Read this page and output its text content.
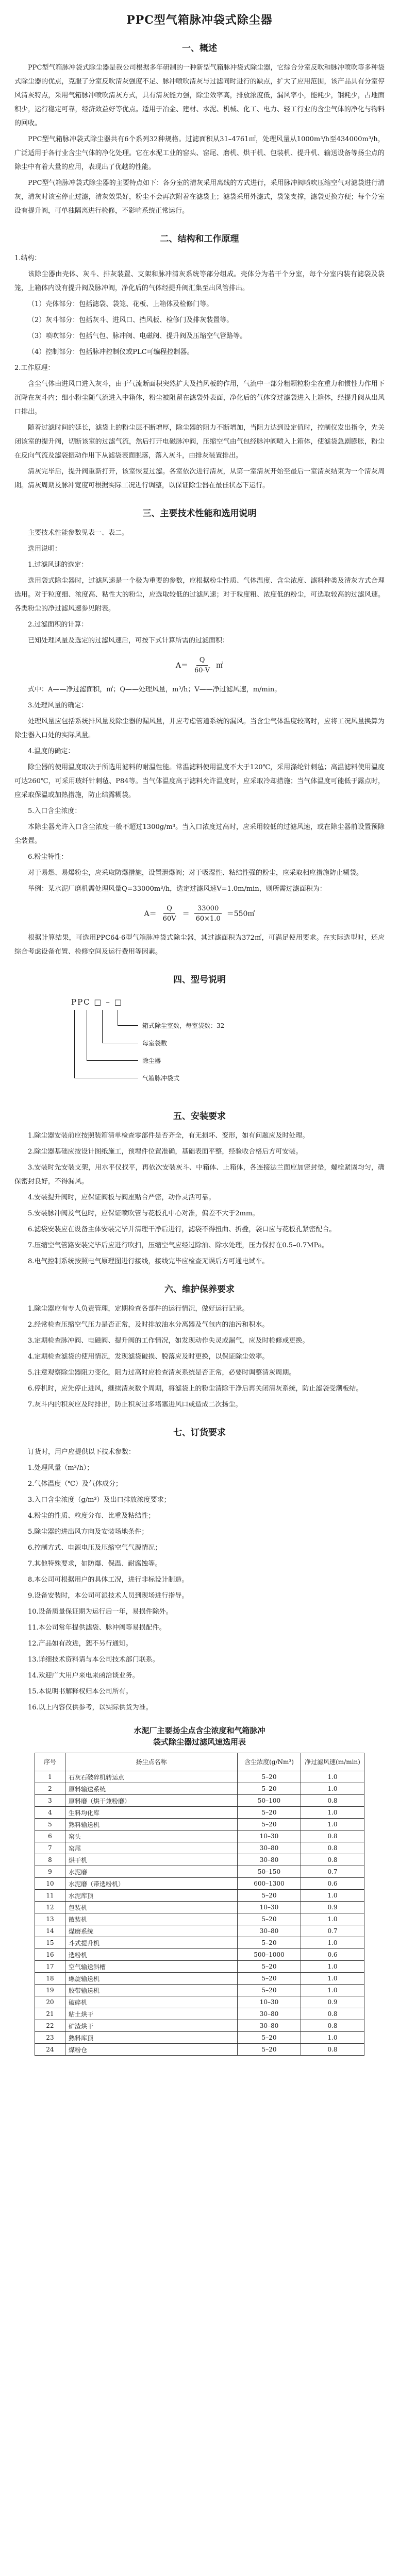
PPC型气箱脉冲袋式除尘器
一、概述

PPC型气箱脉冲袋式除尘器是我公司根据多年研制的一种新型气箱脉冲袋式除尘器，它综合分室反吹和脉冲喷吹等多种袋式除尘器的优点，克服了分室反吹清灰强度不足、脉冲喷吹清灰与过滤同时进行的缺点，扩大了应用范围，该产品具有分室停风清灰特点，采用气箱脉冲喷吹清灰方式，具有清灰能力强，除尘效率高，排放浓度低，漏风率小，能耗少，钢耗少，占地面积少，运行稳定可靠，经济效益好等优点。适用于冶金、建材、水泥、机械、化工、电力、轻工行业的含尘气体的净化与物料的回收。

PPC型气箱脉冲袋式除尘器共有6个系列32种规格。过滤面积从31–4761㎡，处理风量从1000m³/h至434000m³/h，广泛适用于各行业含尘气体的净化处理。它在水泥工业的窑头、窑尾、磨机、烘干机、包装机、提升机、输送设备等扬尘点的除尘中有着大量的应用，表现出了优越的性能。

PPC型气箱脉冲袋式除尘器的主要特点如下：各分室的清灰采用离线的方式进行，采用脉冲阀喷吹压缩空气对滤袋进行清灰，清灰时该室停止过滤，清灰效果好，粉尘不会再次附着在滤袋上；滤袋采用外滤式，袋笼支撑，滤袋更换方便；每个分室设有提升阀，可单独隔离进行检修，不影响系统正常运行。

二、结构和工作原理

1.结构：

该除尘器由壳体、灰斗、排灰装置、支架和脉冲清灰系统等部分组成。壳体分为若干个分室，每个分室内装有滤袋及袋笼，上箱体内设有提升阀及脉冲阀，净化后的气体经提升阀汇集至出风管排出。

（1）壳体部分：包括滤袋、袋笼、花板、上箱体及检修门等。

（2）灰斗部分：包括灰斗、进风口、挡风板、检修门及排灰装置等。

（3）喷吹部分：包括气包、脉冲阀、电磁阀、提升阀及压缩空气管路等。

（4）控制部分：包括脉冲控制仪或PLC可编程控制器。

2.工作原理：

含尘气体由进风口进入灰斗，由于气流断面积突然扩大及挡风板的作用，气流中一部分粗颗粒粉尘在重力和惯性力作用下沉降在灰斗内；细小粉尘随气流进入中箱体，粉尘被阻留在滤袋外表面，净化后的气体穿过滤袋进入上箱体，经提升阀从出风口排出。

随着过滤时间的延长，滤袋上的粉尘层不断增厚，除尘器的阻力不断增加，当阻力达到设定值时，控制仪发出指令，先关闭该室的提升阀，切断该室的过滤气流，然后打开电磁脉冲阀，压缩空气由气包经脉冲阀喷入上箱体，使滤袋急剧膨胀，粉尘在反向气流及滤袋振动作用下从滤袋表面脱落，落入灰斗，由排灰装置排出。

清灰完毕后，提升阀重新打开，该室恢复过滤。各室依次进行清灰，从第一室清灰开始至最后一室清灰结束为一个清灰周期。清灰周期及脉冲宽度可根据实际工况进行调整，以保证除尘器在最佳状态下运行。

三、主要技术性能和选用说明

主要技术性能参数见表一、表二。

选用说明：

1.过滤风速的选定：

选用袋式除尘器时，过滤风速是一个极为重要的参数，应根据粉尘性质、气体温度、含尘浓度、滤料种类及清灰方式合理选用。对于粒度细、浓度高、粘性大的粉尘，应选取较低的过滤风速；对于粒度粗、浓度低的粉尘，可选取较高的过滤风速。各类粉尘的净过滤风速参见附表。

2.过滤面积的计算：

已知处理风量及选定的过滤风速后，可按下式计算所需的过滤面积：

$A= \frac{Q}{60\cdot V}$ ㎡

式中：A——净过滤面积，㎡；Q——处理风量，m³/h；V——净过滤风速，m/min。

3.处理风量的确定：

处理风量应包括系统排风量及除尘器的漏风量，并应考虑管道系统的漏风。当含尘气体温度较高时，应将工况风量换算为除尘器入口处的实际风量。

4.温度的确定：

除尘器的使用温度取决于所选用滤料的耐温性能。常温滤料使用温度不大于120℃，采用涤纶针刺毡；高温滤料使用温度可达260℃，可采用玻纤针刺毡、P84等。当气体温度高于滤料允许温度时，应采取冷却措施；当气体温度可能低于露点时，应采取保温或加热措施，防止结露糊袋。

5.入口含尘浓度：

本除尘器允许入口含尘浓度一般不超过1300g/m³。当入口浓度过高时，应采用较低的过滤风速，或在除尘器前设置预除尘装置。

6.粉尘特性：

对于易燃、易爆粉尘，应采取防爆措施，设置泄爆阀；对于吸湿性、粘结性强的粉尘，应采取相应措施防止糊袋。

举例：某水泥厂磨机需处理风量Q=33000m³/h，选定过滤风速V=1.0m/min，则所需过滤面积为：

$A= \frac{Q}{60V} = \frac{33000}{60\times 1.0}$ ＝550㎡

根据计算结果，可选用PPC64-6型气箱脉冲袋式除尘器，其过滤面积为372㎡，可满足使用要求。在实际选型时，还应综合考虑设备布置、检修空间及运行费用等因素。

四、型号说明
PPC □ – □
箱式除尘室数，每室袋数：32
每室袋数
除尘器
气箱脉冲袋式
五、安装要求

1.除尘器安装前应按照装箱清单检查零部件是否齐全，有无损坏、变形，如有问题应及时处理。

2.除尘器基础应按设计图纸施工，预埋件位置准确，基础表面平整，经验收合格后方可安装。

3.安装时先安装支架，用水平仪找平，再依次安装灰斗、中箱体、上箱体，各连接法兰面应加密封垫，螺栓紧固均匀，确保密封良好，不得漏风。

4.安装提升阀时，应保证阀板与阀座贴合严密，动作灵活可靠。

5.安装脉冲阀及气包时，应保证喷吹管与花板孔中心对准，偏差不大于2mm。

6.滤袋安装应在设备主体安装完毕并清理干净后进行，滤袋不得扭曲、折叠，袋口应与花板孔紧密配合。

7.压缩空气管路安装完毕后应进行吹扫，压缩空气应经过除油、除水处理，压力保持在0.5–0.7MPa。

8.电气控制系统按照电气原理图进行接线，接线完毕应检查无误后方可通电试车。

六、维护保养要求

1.除尘器应有专人负责管理，定期检查各部件的运行情况，做好运行记录。

2.经常检查压缩空气压力是否正常，及时排放油水分离器及气包内的油污和积水。

3.定期检查脉冲阀、电磁阀、提升阀的工作情况，如发现动作失灵或漏气，应及时检修或更换。

4.定期检查滤袋的使用情况，发现滤袋破损、脱落应及时更换，以保证除尘效率。

5.注意观察除尘器阻力变化，阻力过高时应检查清灰系统是否正常，必要时调整清灰周期。

6.停机时，应先停止进风，继续清灰数个周期，将滤袋上的粉尘清除干净后再关闭清灰系统，防止滤袋受潮板结。

7.灰斗内的积灰应及时排出，防止积灰过多堵塞进风口或造成二次扬尘。

七、订货要求

订货时，用户应提供以下技术参数：

1.处理风量（m³/h）；

2.气体温度（℃）及气体成分；

3.入口含尘浓度（g/m³）及出口排放浓度要求；

4.粉尘的性质、粒度分布、比重及粘结性；

5.除尘器的进出风方向及安装场地条件；

6.控制方式、电源电压及压缩空气气源情况；

7.其他特殊要求，如防爆、保温、耐腐蚀等。

8.本公司可根据用户的具体工况，进行非标设计制造。

9.设备安装时，本公司可派技术人员到现场进行指导。

10.设备质量保证期为运行后一年，易损件除外。

11.本公司常年提供滤袋、脉冲阀等易损配件。

12.产品如有改进，恕不另行通知。

13.详细技术资料请与本公司技术部门联系。

14.欢迎广大用户来电来函洽谈业务。

15.本说明书解释权归本公司所有。

16.以上内容仅供参考，以实际供货为准。

水泥厂主要扬尘点含尘浓度和气箱脉冲
袋式除尘器过滤风速选用表
序号	扬尘点名称	含尘浓度(g/Nm³)	净过滤风速(m/min)
1	石灰石破碎机转运点	5–20	1.0
2	原料输送系统	5–20	1.0
3	原料磨（烘干兼粉磨）	50–100	0.8
4	生料均化库	5–20	1.0
5	熟料输送机	5–20	1.0
6	窑头	10–30	0.8
7	窑尾	30–80	0.8
8	烘干机	30–80	0.8
9	水泥磨	50–150	0.7
10	水泥磨（带选粉机）	600–1300	0.6
11	水泥库顶	5–20	1.0
12	包装机	10–30	0.9
13	散装机	5–20	1.0
14	煤磨系统	30–80	0.7
15	斗式提升机	5–20	1.0
16	选粉机	500–1000	0.6
17	空气输送斜槽	5–20	1.0
18	螺旋输送机	5–20	1.0
19	胶带输送机	5–20	1.0
20	破碎机	10–30	0.9
21	粘土烘干	30–80	0.8
22	矿渣烘干	30–80	0.8
23	熟料库顶	5–20	1.0
24	煤粉仓	5–20	0.8
